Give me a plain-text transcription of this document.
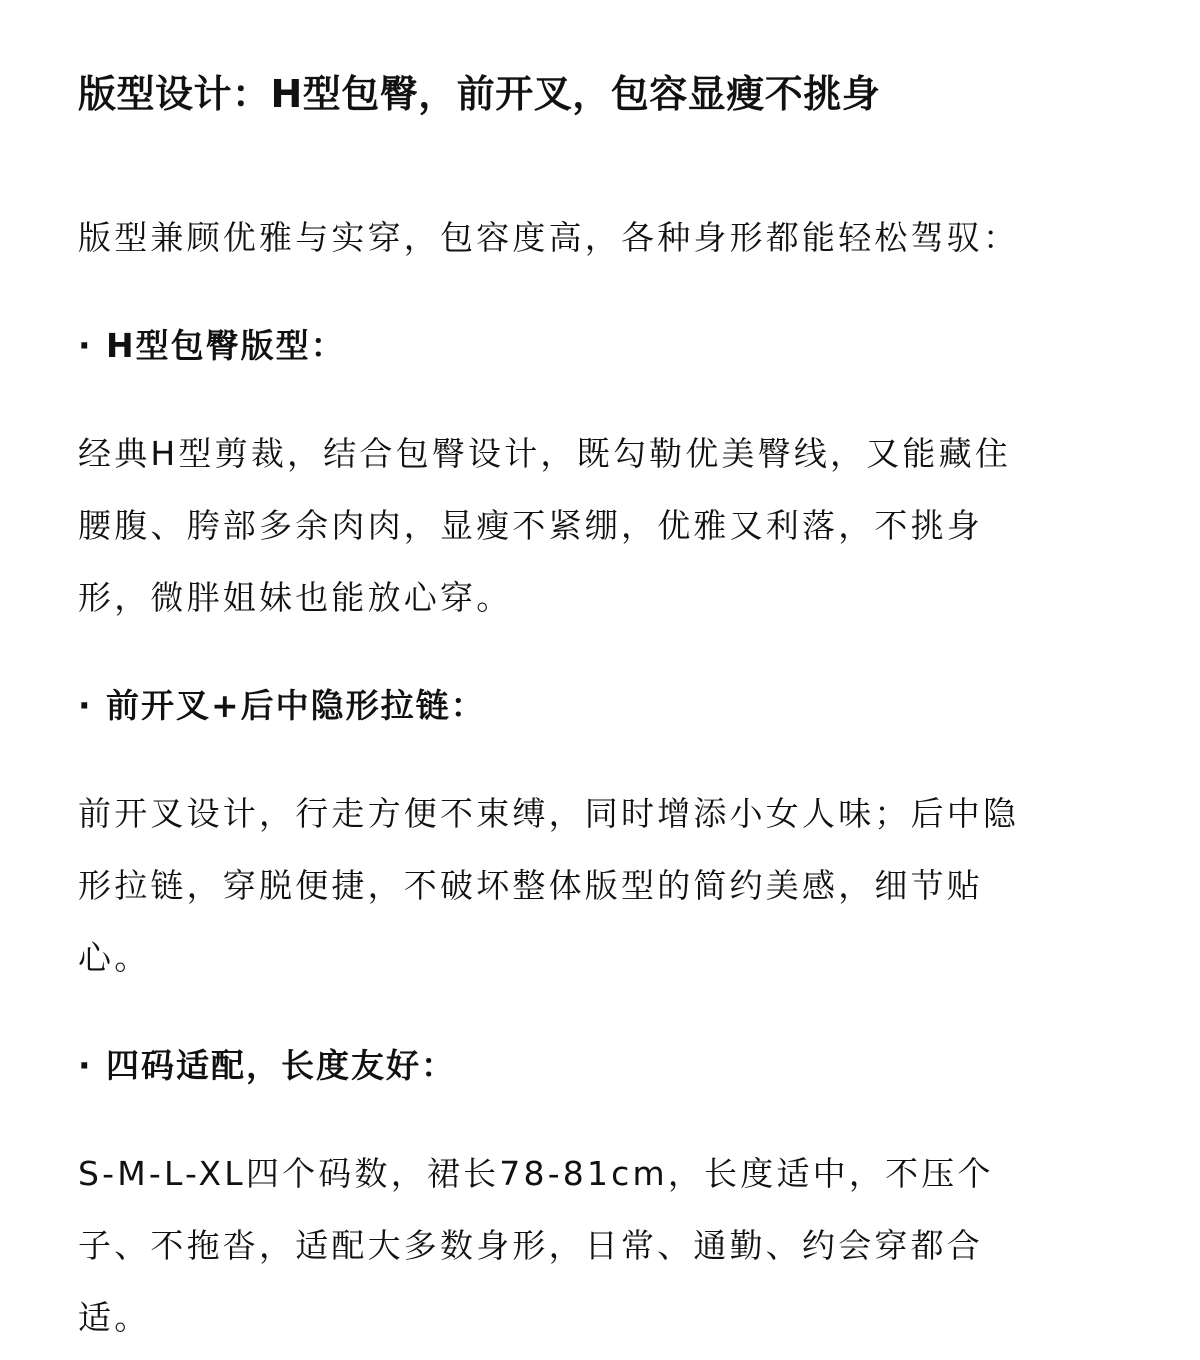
版型设计：H型包臀，前开叉，包容显瘦不挑身

版型兼顾优雅与实穿，包容度高，各种身形都能轻松驾驭：

· H型包臀版型：

经典H型剪裁，结合包臀设计，既勾勒优美臀线，又能藏住
腰腹、胯部多余肉肉，显瘦不紧绷，优雅又利落，不挑身
形，微胖姐妹也能放心穿。

· 前开叉+后中隐形拉链：

前开叉设计，行走方便不束缚，同时增添小女人味；后中隐
形拉链，穿脱便捷，不破坏整体版型的简约美感，细节贴
心。

· 四码适配，长度友好：

S-M-L-XL四个码数，裙长78-81cm，长度适中，不压个
子、不拖沓，适配大多数身形，日常、通勤、约会穿都合
适。
